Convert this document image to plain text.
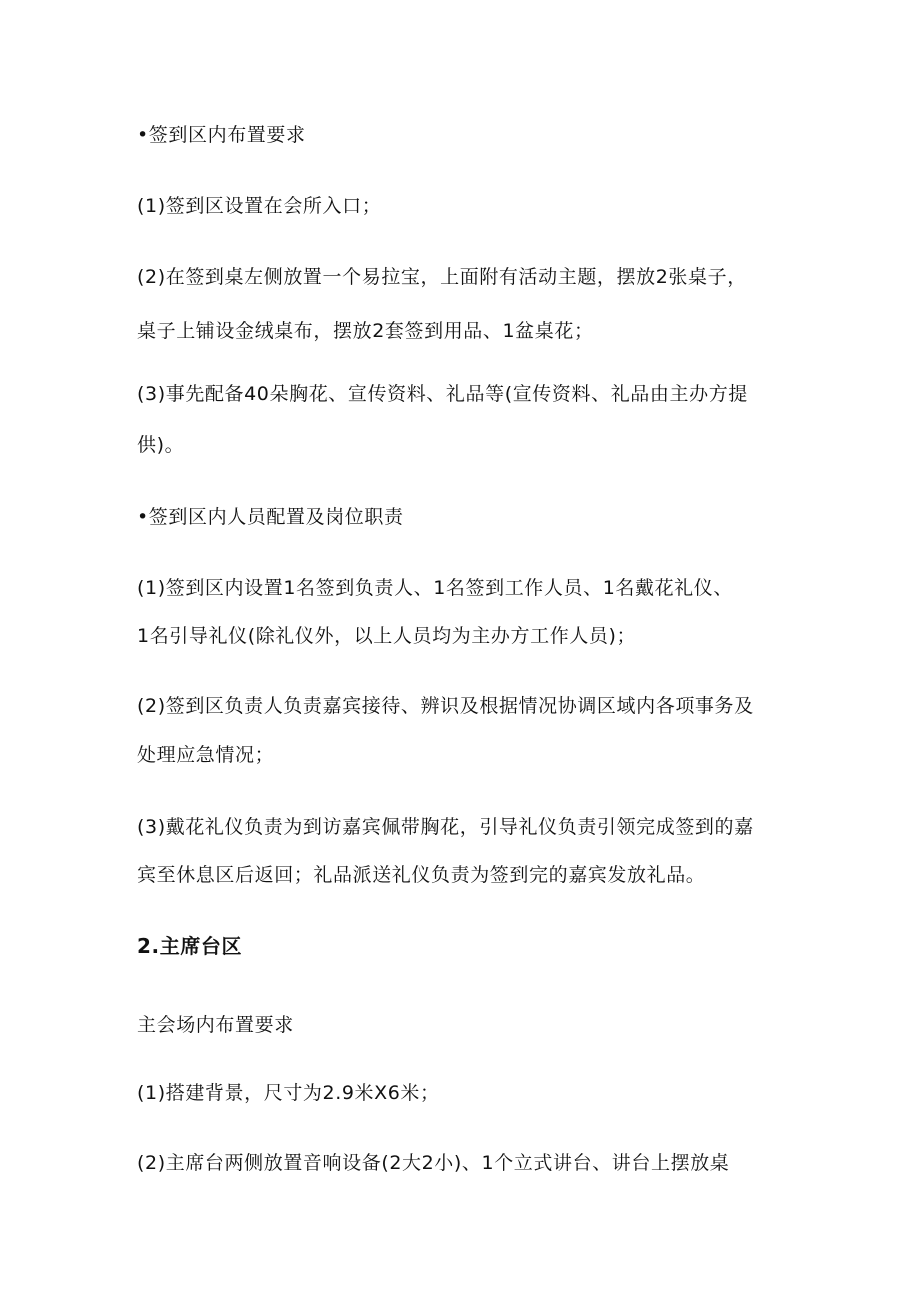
•签到区内布置要求
(1)签到区设置在会所入口；
(2)在签到桌左侧放置一个易拉宝，上面附有活动主题，摆放2张桌子，
桌子上铺设金绒桌布，摆放2套签到用品、1盆桌花；
(3)事先配备40朵胸花、宣传资料、礼品等(宣传资料、礼品由主办方提
供)。
•签到区内人员配置及岗位职责
(1)签到区内设置1名签到负责人、1名签到工作人员、1名戴花礼仪、
1名引导礼仪(除礼仪外，以上人员均为主办方工作人员)；
(2)签到区负责人负责嘉宾接待、辨识及根据情况协调区域内各项事务及
处理应急情况；
(3)戴花礼仪负责为到访嘉宾佩带胸花，引导礼仪负责引领完成签到的嘉
宾至休息区后返回；礼品派送礼仪负责为签到完的嘉宾发放礼品。
2.主席台区
主会场内布置要求
(1)搭建背景，尺寸为2.9米X6米；
(2)主席台两侧放置音响设备(2大2小)、1个立式讲台、讲台上摆放桌
